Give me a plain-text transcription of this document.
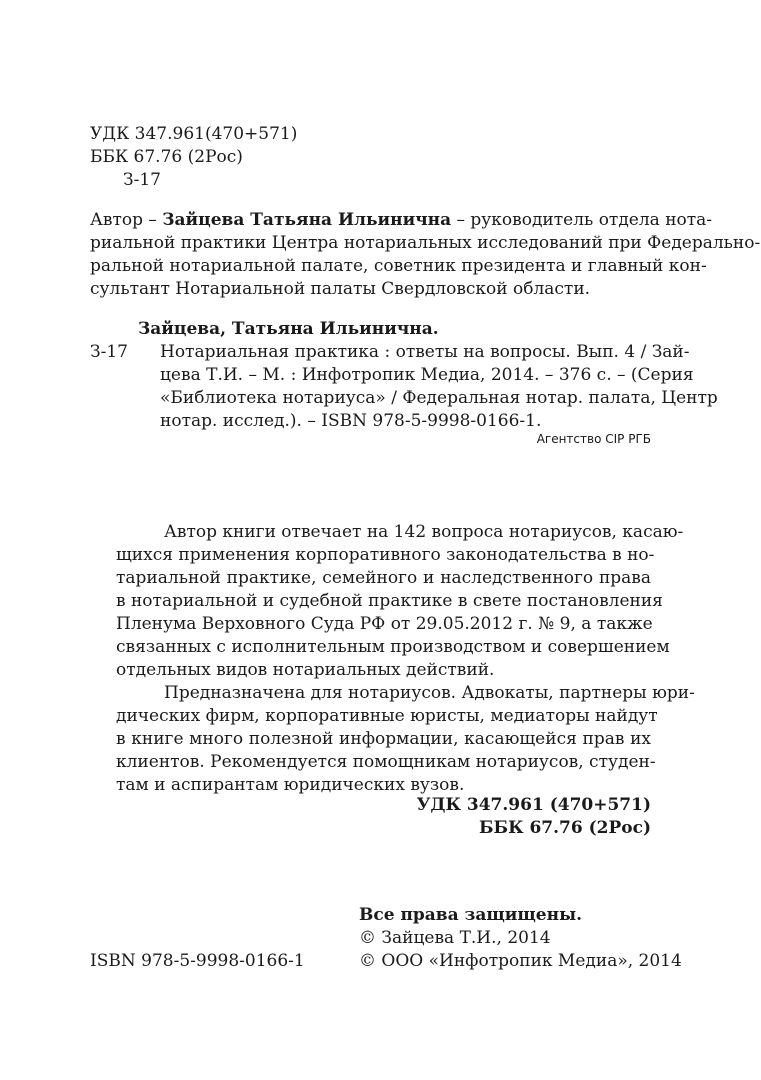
УДК 347.961(470+571)
ББК 67.76 (2Рос)
З-17
Автор – Зайцева Татьяна Ильинична – руководитель отдела нота-
риальной практики Центра нотариальных исследований при Федерально-
ральной нотариальной палате, советник президента и главный кон-
сультант Нотариальной палаты Свердловской области.
Зайцева, Татьяна Ильинична.
З-17 Нотариальная практика : ответы на вопросы. Вып. 4 / Зай-
цева Т.И. – М. : Инфотропик Медиа, 2014. – 376 с. – (Серия
«Библиотека нотариуса» / Федеральная нотар. палата, Центр
нотар. исслед.). – ISBN 978-5-9998-0166-1.
Агентство CIP РГБ
Автор книги отвечает на 142 вопроса нотариусов, касаю-
щихся применения корпоративного законодательства в но-
тариальной практике, семейного и наследственного права
в нотариальной и судебной практике в свете постановления
Пленума Верховного Суда РФ от 29.05.2012 г. № 9, а также
связанных с исполнительным производством и совершением
отдельных видов нотариальных действий.
Предназначена для нотариусов. Адвокаты, партнеры юри-
дических фирм, корпоративные юристы, медиаторы найдут
в книге много полезной информации, касающейся прав их
клиентов. Рекомендуется помощникам нотариусов, студен-
там и аспирантам юридических вузов.
УДК 347.961 (470+571)
ББК 67.76 (2Рос)
Все права защищены.
© Зайцева Т.И., 2014
© ООО «Инфотропик Медиа», 2014
ISBN 978-5-9998-0166-1
